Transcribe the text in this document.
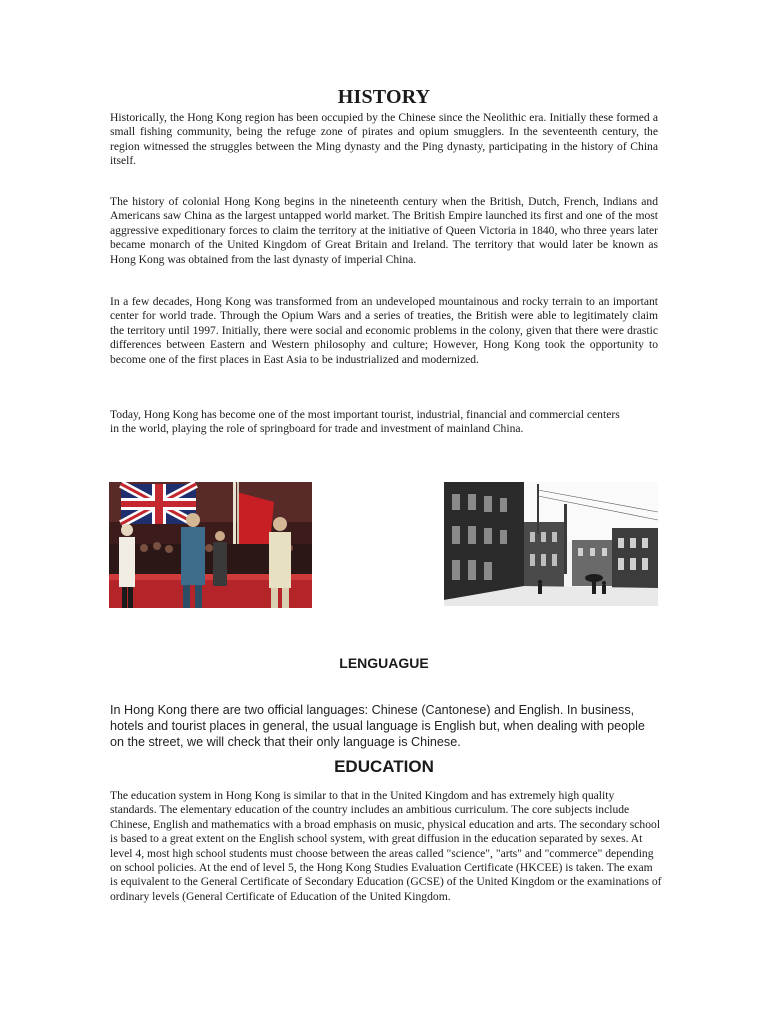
HISTORY

Historically, the Hong Kong region has been occupied by the Chinese since the Neolithic era. Initially these formed a small fishing community, being the refuge zone of pirates and opium smugglers. In the seventeenth century, the region witnessed the struggles between the Ming dynasty and the Ping dynasty, participating in the history of China itself.

The history of colonial Hong Kong begins in the nineteenth century when the British, Dutch, French, Indians and Americans saw China as the largest untapped world market. The British Empire launched its first and one of the most aggressive expeditionary forces to claim the territory at the initiative of Queen Victoria in 1840, who three years later became monarch of the United Kingdom of Great Britain and Ireland. The territory that would later be known as Hong Kong was obtained from the last dynasty of imperial China.

In a few decades, Hong Kong was transformed from an undeveloped mountainous and rocky terrain to an important center for world trade. Through the Opium Wars and a series of treaties, the British were able to legitimately claim the territory until 1997. Initially, there were social and economic problems in the colony, given that there were drastic differences between Eastern and Western philosophy and culture; However, Hong Kong took the opportunity to become one of the first places in East Asia to be industrialized and modernized.

Today, Hong Kong has become one of the most important tourist, industrial, financial and commercial centers in the world, playing the role of springboard for trade and investment of mainland China.

LENGUAGUE

In Hong Kong there are two official languages: Chinese (Cantonese) and English. In business, hotels and tourist places in general, the usual language is English but, when dealing with people on the street, we will check that their only language is Chinese.

EDUCATION

The education system in Hong Kong is similar to that in the United Kingdom and has extremely high quality standards. The elementary education of the country includes an ambitious curriculum. The core subjects include Chinese, English and mathematics with a broad emphasis on music, physical education and arts. The secondary school is based to a great extent on the English school system, with great diffusion in the education separated by sexes. At level 4, most high school students must choose between the areas called "science", "arts" and "commerce" depending on school policies. At the end of level 5, the Hong Kong Studies Evaluation Certificate (HKCEE) is taken. The exam is equivalent to the General Certificate of Secondary Education (GCSE) of the United Kingdom or the examinations of ordinary levels (General Certificate of Education of the United Kingdom.
